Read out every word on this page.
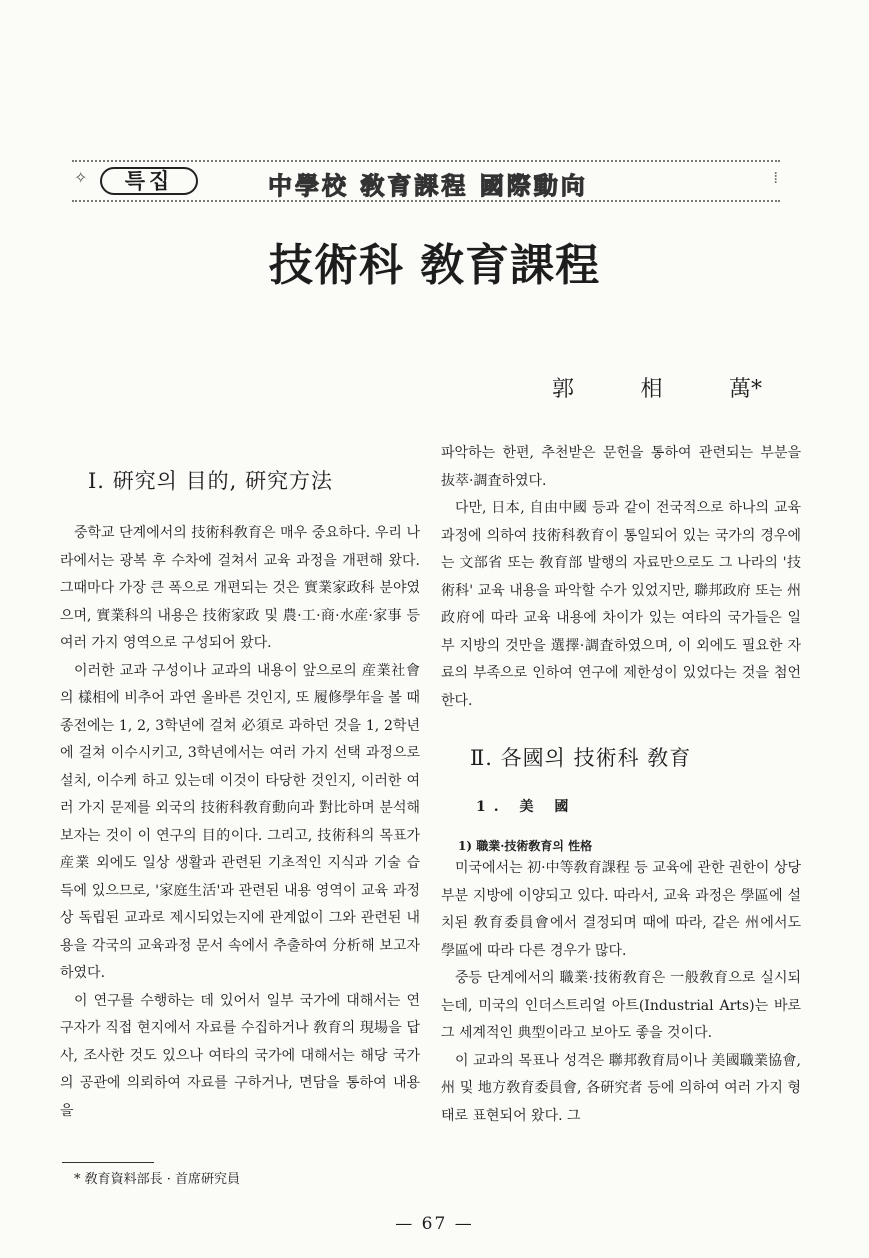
✧	특집	中學校 敎育課程 國際動向	⁞
技術科 敎育課程
郭	相	萬*
Ⅰ. 硏究의 目的, 硏究方法

중학교 단계에서의 技術科敎育은 매우 중요하다. 우리 나라에서는 광복 후 수차에 걸쳐서 교육 과정을 개편해 왔다. 그때마다 가장 큰 폭으로 개편되는 것은 實業家政科 분야였으며, 實業科의 내용은 技術家政 및 農·工·商·水産·家事 등 여러 가지 영역으로 구성되어 왔다.

이러한 교과 구성이나 교과의 내용이 앞으로의 産業社會의 樣相에 비추어 과연 올바른 것인지, 또 履修學年을 볼 때 종전에는 1, 2, 3학년에 걸쳐 必須로 과하던 것을 1, 2학년에 걸쳐 이수시키고, 3학년에서는 여러 가지 선택 과정으로 설치, 이수케 하고 있는데 이것이 타당한 것인지, 이러한 여러 가지 문제를 외국의 技術科敎育動向과 對比하며 분석해 보자는 것이 이 연구의 目的이다. 그리고, 技術科의 목표가 産業 외에도 일상 생활과 관련된 기초적인 지식과 기술 습득에 있으므로, '家庭生活'과 관련된 내용 영역이 교육 과정상 독립된 교과로 제시되었는지에 관계없이 그와 관련된 내용을 각국의 교육과정 문서 속에서 추출하여 分析해 보고자 하였다.

이 연구를 수행하는 데 있어서 일부 국가에 대해서는 연구자가 직접 현지에서 자료를 수집하거나 敎育의 現場을 답사, 조사한 것도 있으나 여타의 국가에 대해서는 해당 국가의 공관에 의뢰하여 자료를 구하거나, 면담을 통하여 내용을

파악하는 한편, 추천받은 문헌을 통하여 관련되는 부분을 抜萃·調査하였다.

다만, 日本, 自由中國 등과 같이 전국적으로 하나의 교육 과정에 의하여 技術科敎育이 통일되어 있는 국가의 경우에는 文部省 또는 敎育部 발행의 자료만으로도 그 나라의 '技術科' 교육 내용을 파악할 수가 있었지만, 聯邦政府 또는 州政府에 따라 교육 내용에 차이가 있는 여타의 국가들은 일부 지방의 것만을 選擇·調査하였으며, 이 외에도 필요한 자료의 부족으로 인하여 연구에 제한성이 있었다는 것을 첨언한다.

Ⅱ. 各國의 技術科 敎育
1. 美 國
1) 職業·技術敎育의 性格

미국에서는 初·中等敎育課程 등 교육에 관한 권한이 상당 부분 지방에 이양되고 있다. 따라서, 교육 과정은 學區에 설치된 敎育委員會에서 결정되며 때에 따라, 같은 州에서도 學區에 따라 다른 경우가 많다.

중등 단계에서의 職業·技術敎育은 一般敎育으로 실시되는데, 미국의 인더스트리얼 아트(Industrial Arts)는 바로 그 세계적인 典型이라고 보아도 좋을 것이다.

이 교과의 목표나 성격은 聯邦敎育局이나 美國職業協會, 州 및 地方敎育委員會, 各硏究者 등에 의하여 여러 가지 형태로 표현되어 왔다. 그

* 敎育資料部長 · 首席硏究員
— 67 —
